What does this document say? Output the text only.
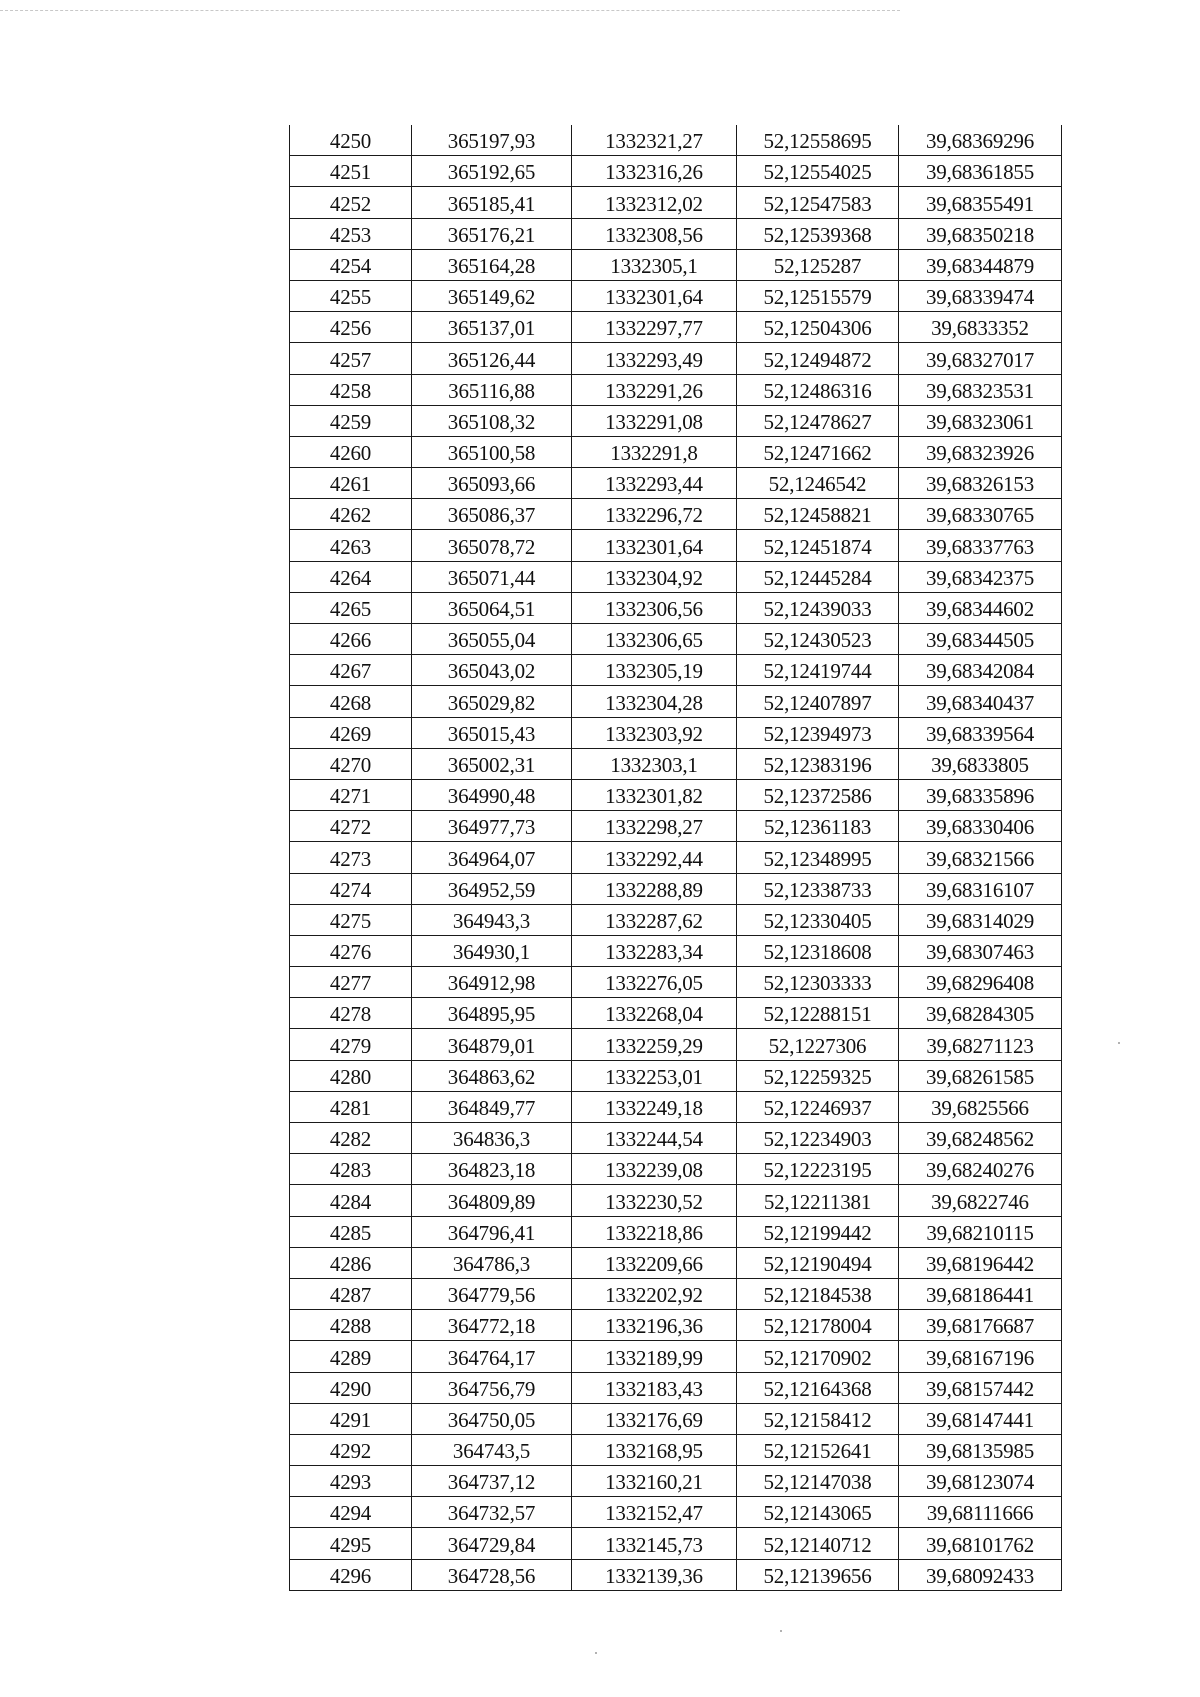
4250	365197,93	1332321,27	52,12558695	39,68369296
4251	365192,65	1332316,26	52,12554025	39,68361855
4252	365185,41	1332312,02	52,12547583	39,68355491
4253	365176,21	1332308,56	52,12539368	39,68350218
4254	365164,28	1332305,1	52,125287	39,68344879
4255	365149,62	1332301,64	52,12515579	39,68339474
4256	365137,01	1332297,77	52,12504306	39,6833352
4257	365126,44	1332293,49	52,12494872	39,68327017
4258	365116,88	1332291,26	52,12486316	39,68323531
4259	365108,32	1332291,08	52,12478627	39,68323061
4260	365100,58	1332291,8	52,12471662	39,68323926
4261	365093,66	1332293,44	52,1246542	39,68326153
4262	365086,37	1332296,72	52,12458821	39,68330765
4263	365078,72	1332301,64	52,12451874	39,68337763
4264	365071,44	1332304,92	52,12445284	39,68342375
4265	365064,51	1332306,56	52,12439033	39,68344602
4266	365055,04	1332306,65	52,12430523	39,68344505
4267	365043,02	1332305,19	52,12419744	39,68342084
4268	365029,82	1332304,28	52,12407897	39,68340437
4269	365015,43	1332303,92	52,12394973	39,68339564
4270	365002,31	1332303,1	52,12383196	39,6833805
4271	364990,48	1332301,82	52,12372586	39,68335896
4272	364977,73	1332298,27	52,12361183	39,68330406
4273	364964,07	1332292,44	52,12348995	39,68321566
4274	364952,59	1332288,89	52,12338733	39,68316107
4275	364943,3	1332287,62	52,12330405	39,68314029
4276	364930,1	1332283,34	52,12318608	39,68307463
4277	364912,98	1332276,05	52,12303333	39,68296408
4278	364895,95	1332268,04	52,12288151	39,68284305
4279	364879,01	1332259,29	52,1227306	39,68271123
4280	364863,62	1332253,01	52,12259325	39,68261585
4281	364849,77	1332249,18	52,12246937	39,6825566
4282	364836,3	1332244,54	52,12234903	39,68248562
4283	364823,18	1332239,08	52,12223195	39,68240276
4284	364809,89	1332230,52	52,12211381	39,6822746
4285	364796,41	1332218,86	52,12199442	39,68210115
4286	364786,3	1332209,66	52,12190494	39,68196442
4287	364779,56	1332202,92	52,12184538	39,68186441
4288	364772,18	1332196,36	52,12178004	39,68176687
4289	364764,17	1332189,99	52,12170902	39,68167196
4290	364756,79	1332183,43	52,12164368	39,68157442
4291	364750,05	1332176,69	52,12158412	39,68147441
4292	364743,5	1332168,95	52,12152641	39,68135985
4293	364737,12	1332160,21	52,12147038	39,68123074
4294	364732,57	1332152,47	52,12143065	39,68111666
4295	364729,84	1332145,73	52,12140712	39,68101762
4296	364728,56	1332139,36	52,12139656	39,68092433
